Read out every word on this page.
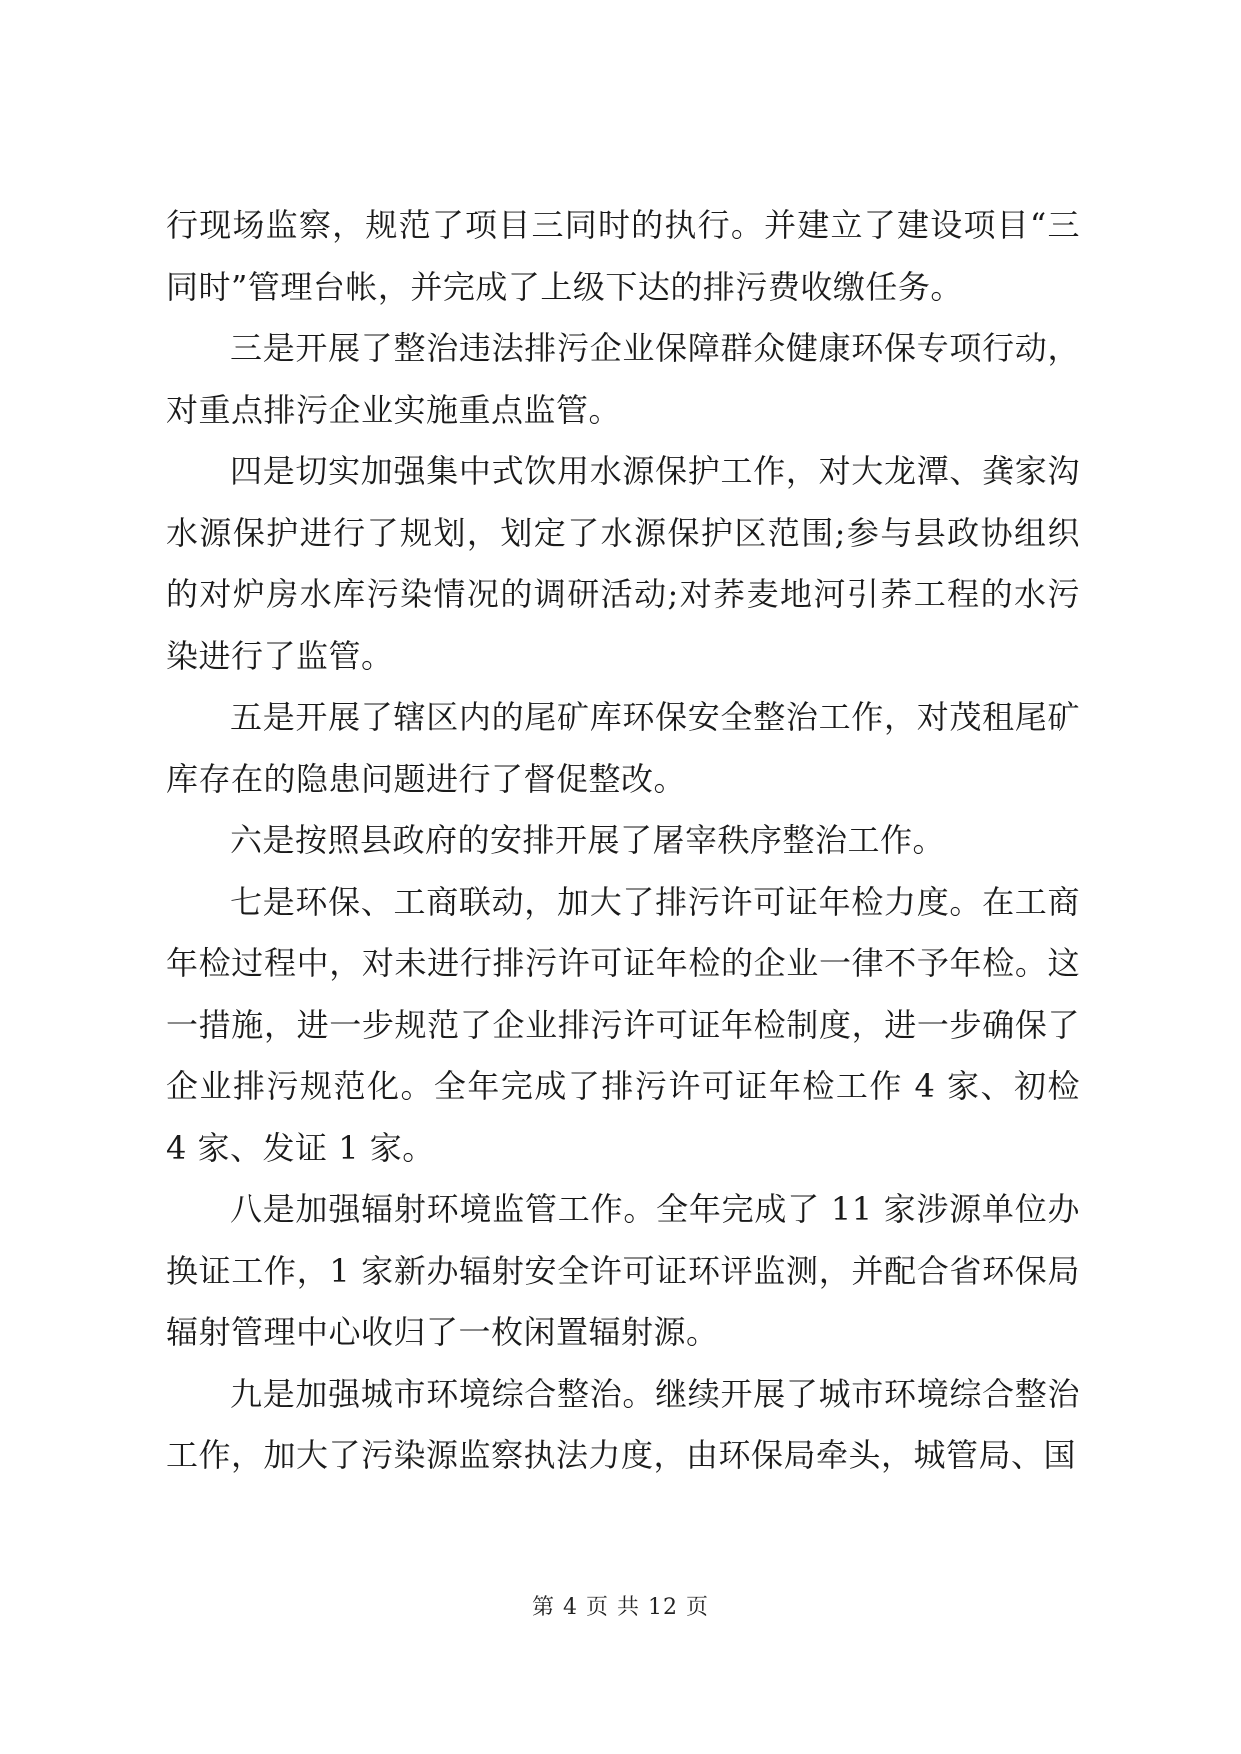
行现场监察，规范了项目三同时的执行。并建立了建设项目“三同时”管理台帐，并完成了上级下达的排污费收缴任务。

三是开展了整治违法排污企业保障群众健康环保专项行动，对重点排污企业实施重点监管。

四是切实加强集中式饮用水源保护工作，对大龙潭、龚家沟水源保护进行了规划，划定了水源保护区范围;参与县政协组织的对炉房水库污染情况的调研活动;对荞麦地河引荞工程的水污染进行了监管。

五是开展了辖区内的尾矿库环保安全整治工作，对茂租尾矿库存在的隐患问题进行了督促整改。

六是按照县政府的安排开展了屠宰秩序整治工作。

七是环保、工商联动，加大了排污许可证年检力度。在工商年检过程中，对未进行排污许可证年检的企业一律不予年检。这一措施，进一步规范了企业排污许可证年检制度，进一步确保了企业排污规范化。全年完成了排污许可证年检工作 4 家、初检 4 家、发证 1 家。

八是加强辐射环境监管工作。全年完成了 11 家涉源单位办换证工作，1 家新办辐射安全许可证环评监测，并配合省环保局辐射管理中心收归了一枚闲置辐射源。

九是加强城市环境综合整治。继续开展了城市环境综合整治工作，加大了污染源监察执法力度，由环保局牵头，城管局、国

第 4 页 共 12 页
